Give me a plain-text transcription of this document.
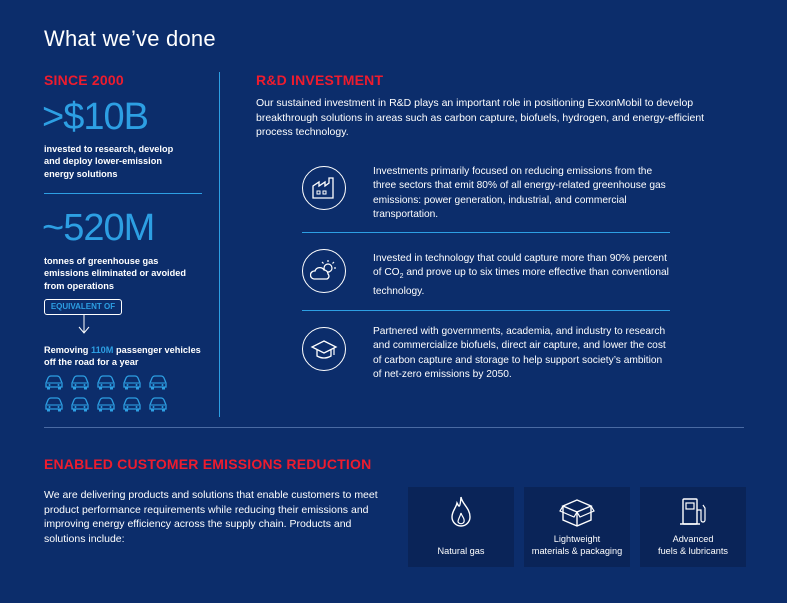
What we’ve done
SINCE 2000
>$10B
invested to research, develop and deploy lower-emission energy solutions
~520M
tonnes of greenhouse gas emissions eliminated or avoided from operations
EQUIVALENT OF
Removing 110M passenger vehicles off the road for a year
R&D INVESTMENT
Our sustained investment in R&D plays an important role in positioning ExxonMobil to develop breakthrough solutions in areas such as carbon capture, biofuels, hydrogen, and energy-efficient process technology.
Investments primarily focused on reducing emissions from the three sectors that emit 80% of all energy-related greenhouse gas emissions: power generation, industrial, and commercial transportation.
Invested in technology that could capture more than 90% percent of $CO_2$ and prove up to six times more effective than conventional technology.
Partnered with governments, academia, and industry to research and commercialize biofuels, direct air capture, and lower the cost of carbon capture and storage to help support society’s ambition of net-zero emissions by 2050.
ENABLED CUSTOMER EMISSIONS REDUCTION
We are delivering products and solutions that enable customers to meet product performance requirements while reducing their emissions and improving energy efficiency across the supply chain. Products and solutions include:
Natural gas
Lightweight
materials & packaging
Advanced
fuels & lubricants
